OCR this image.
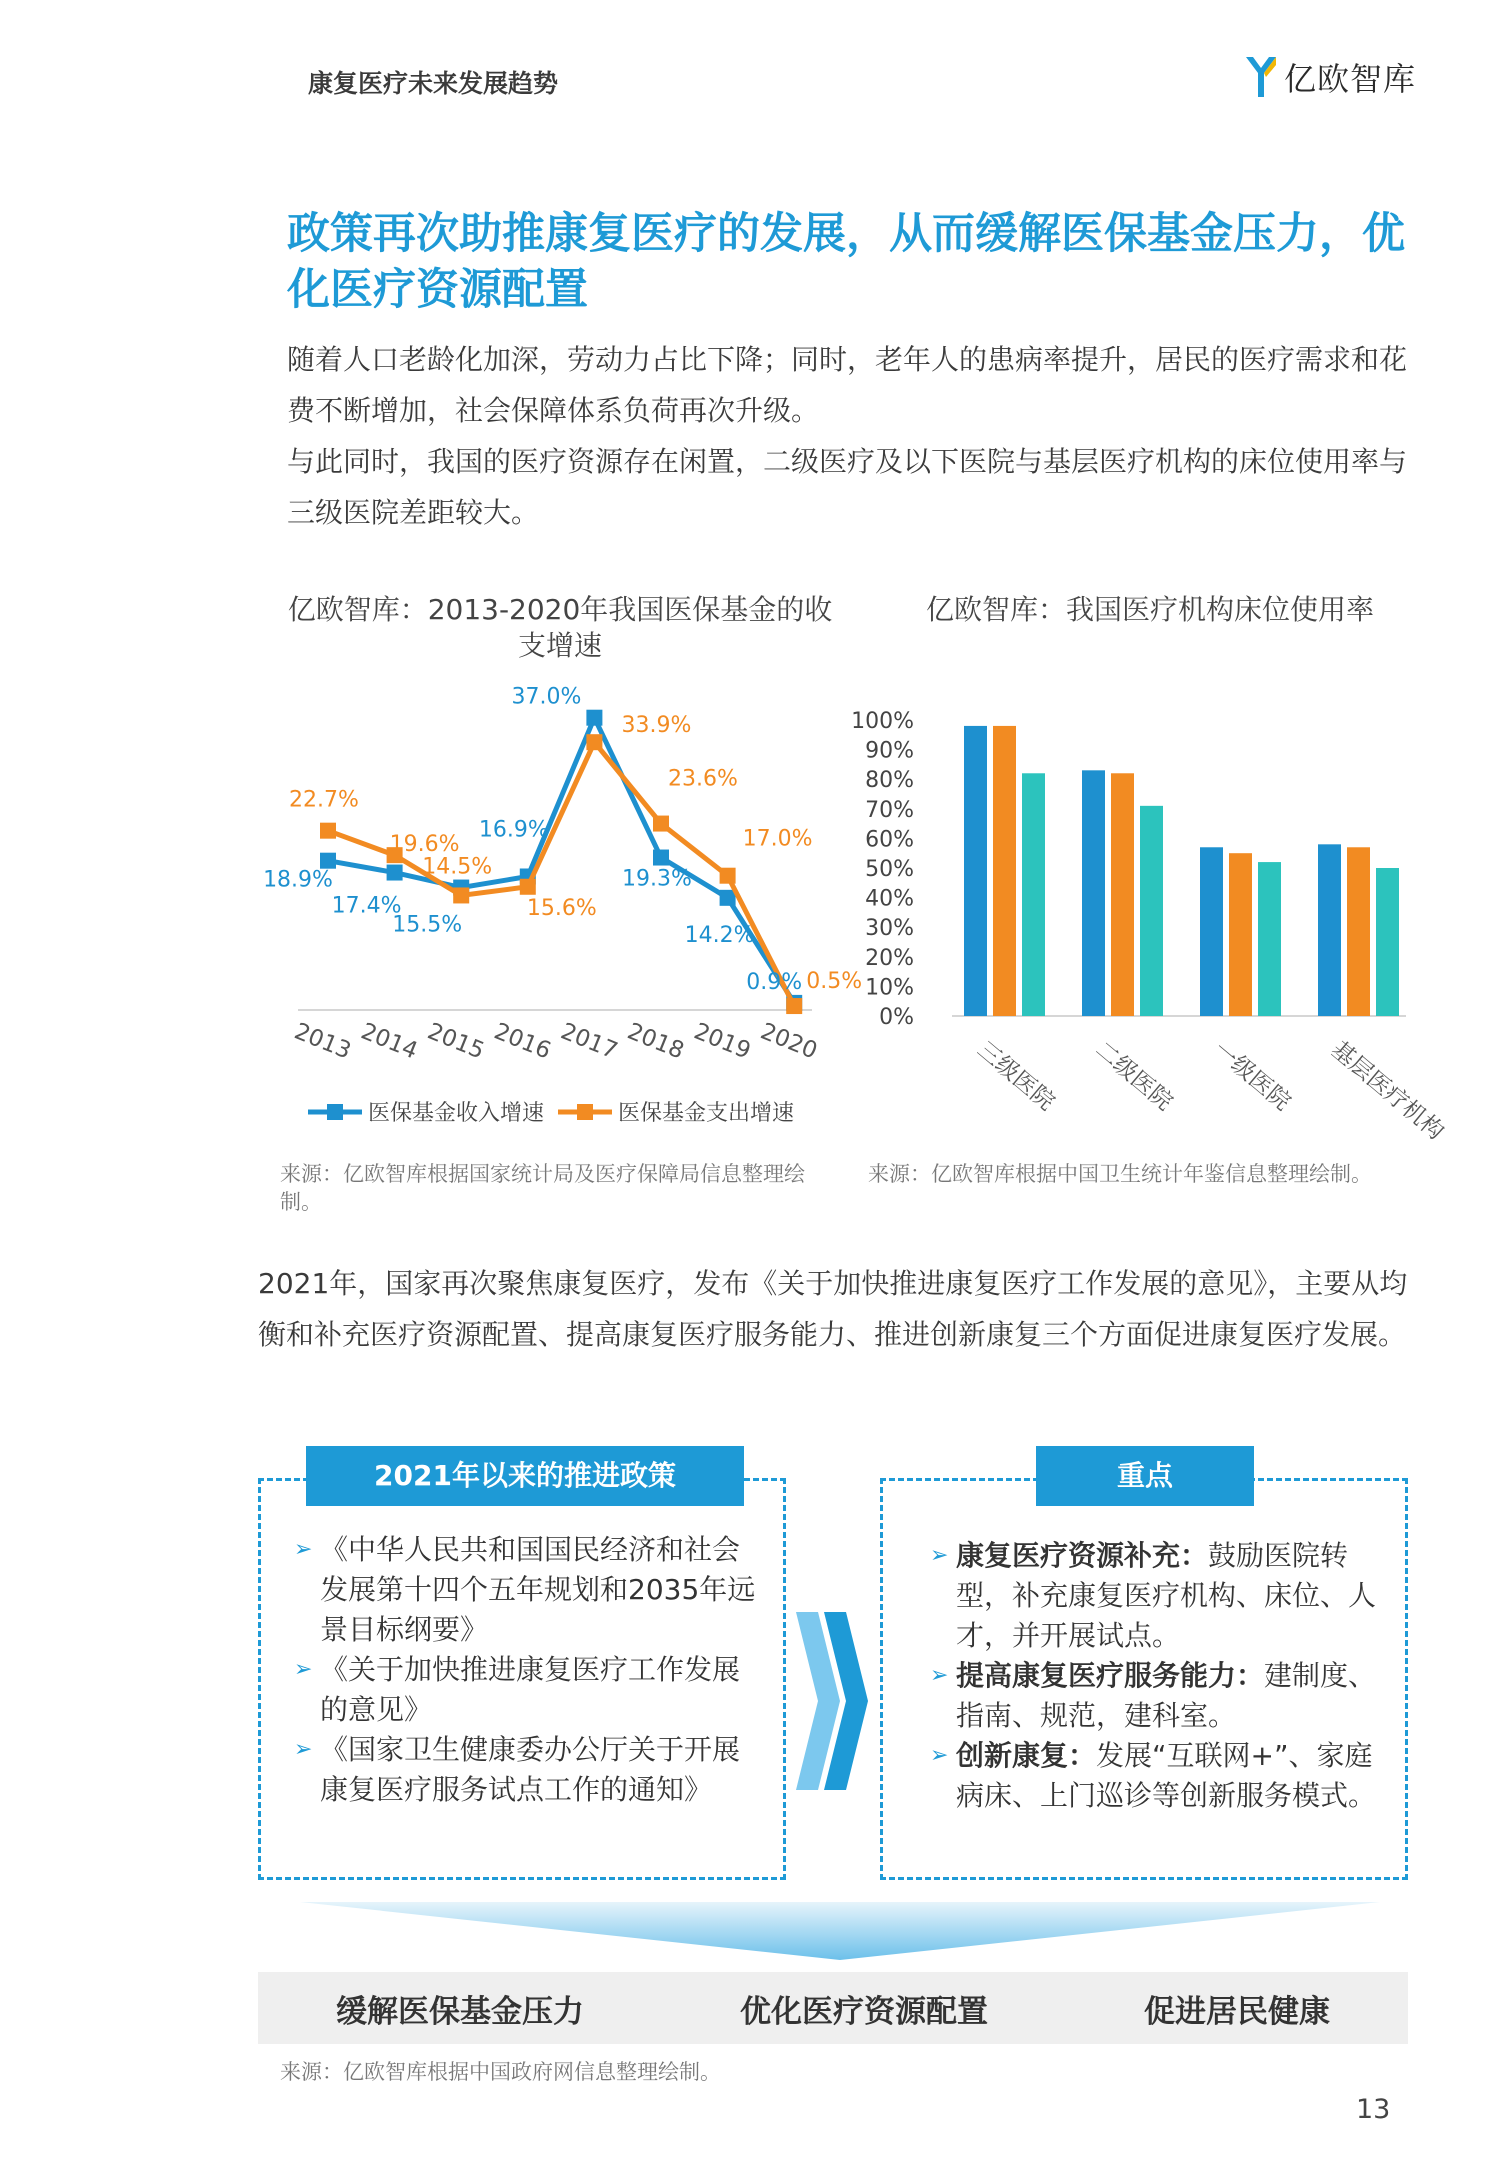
康复医疗未来发展趋势	亿欧智库
政策再次助推康复医疗的发展，从而缓解医保基金压力，优化医疗资源配置
随着人口老龄化加深，劳动力占比下降；同时，老年人的患病率提升，居民的医疗需求和花费不断增加，社会保障体系负荷再次升级。
与此同时，我国的医疗资源存在闲置，二级医疗及以下医院与基层医疗机构的床位使用率与三级医院差距较大。
亿欧智库：2013-2020年我国医保基金的收支增速
亿欧智库：我国医疗机构床位使用率
18.9%
17.4%
15.5%
16.9%
37.0%
19.3%
14.2%
0.9%
22.7%
19.6%
14.5%
15.6%
33.9%
23.6%
17.0%
0.5%
2013 2014 2015 2016 2017 2018 2019 2020
医保基金收入增速	医保基金支出增速
100%
90%
80%
70%
60%
50%
40%
30%
20%
10%
0%
三级医院 二级医院 一级医院 基层医疗机构
来源：亿欧智库根据国家统计局及医疗保障局信息整理绘制。
来源：亿欧智库根据中国卫生统计年鉴信息整理绘制。
2021年，国家再次聚焦康复医疗，发布《关于加快推进康复医疗工作发展的意见》，主要从均衡和补充医疗资源配置、提高康复医疗服务能力、推进创新康复三个方面促进康复医疗发展。
2021年以来的推进政策
➢ 《中华人民共和国国民经济和社会发展第十四个五年规划和2035年远景目标纲要》
➢ 《关于加快推进康复医疗工作发展的意见》
➢ 《国家卫生健康委办公厅关于开展康复医疗服务试点工作的通知》
重点
➢ 康复医疗资源补充：鼓励医院转型，补充康复医疗机构、床位、人才，并开展试点。
➢ 提高康复医疗服务能力：建制度、指南、规范，建科室。
➢ 创新康复：发展“互联网+”、家庭病床、上门巡诊等创新服务模式。
缓解医保基金压力	优化医疗资源配置	促进居民健康
来源：亿欧智库根据中国政府网信息整理绘制。
13
